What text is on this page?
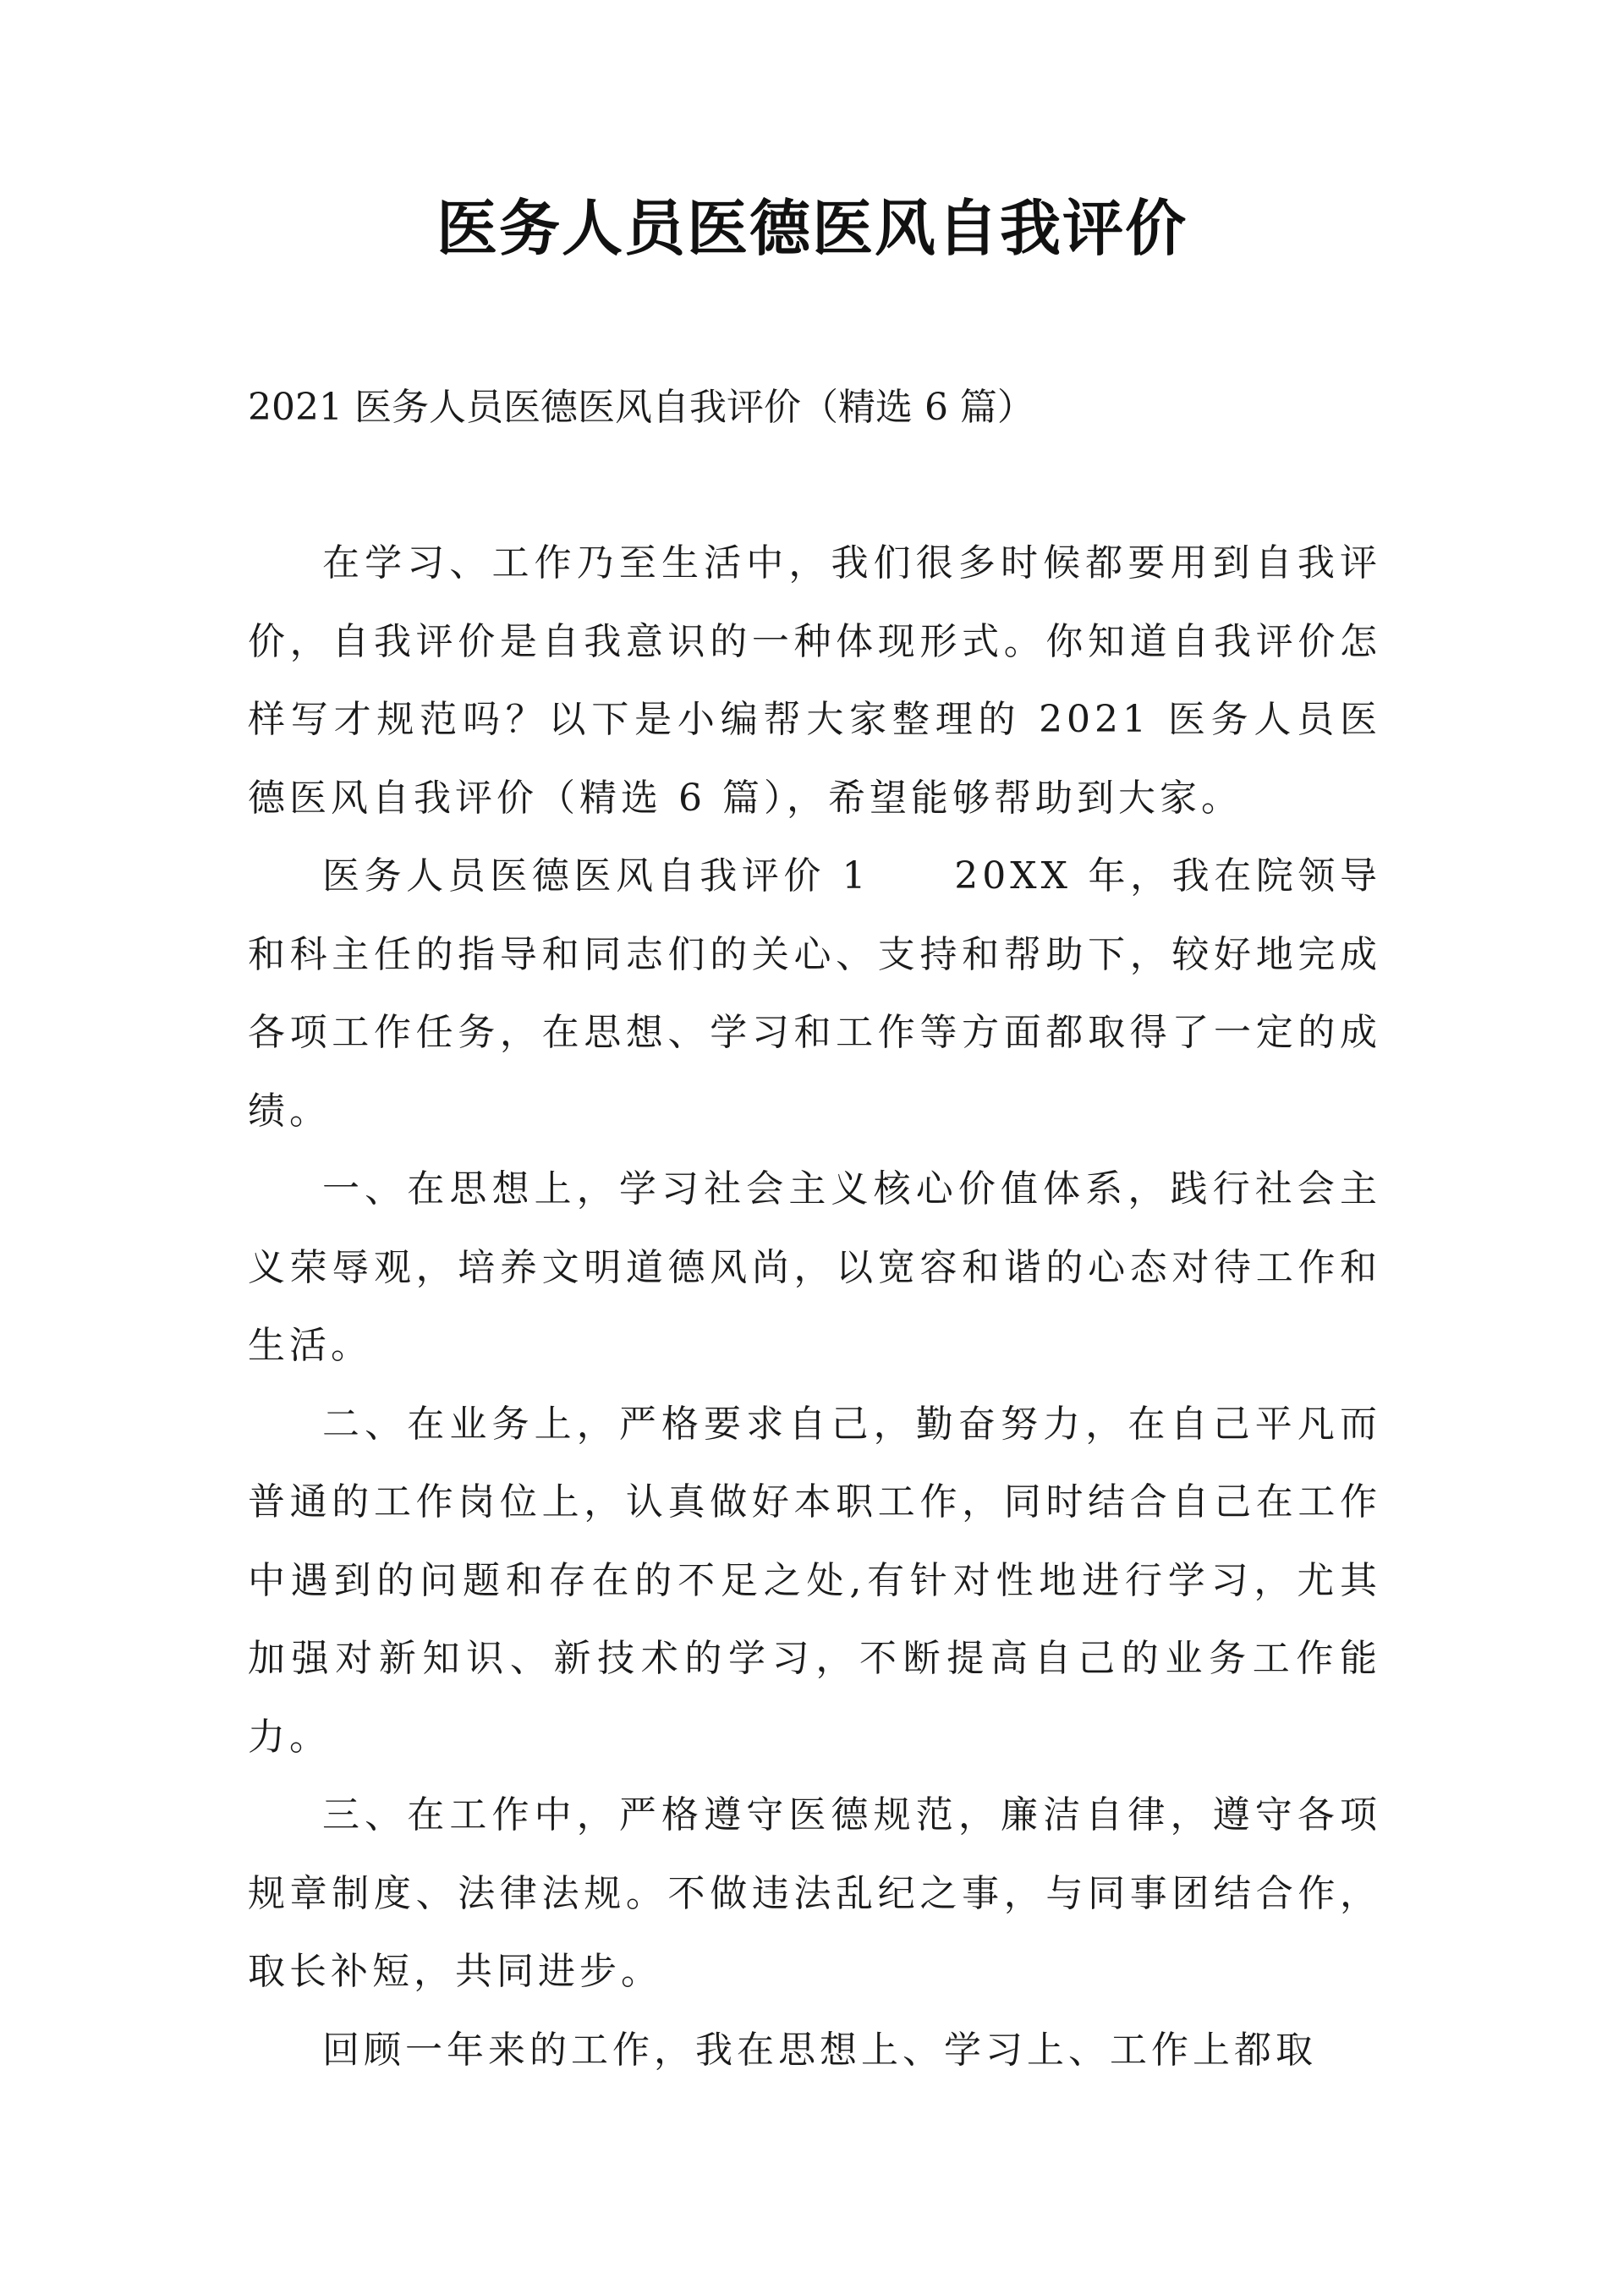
医务人员医德医风自我评价
2021 医务人员医德医风自我评价（精选 6 篇）

在学习、工作乃至生活中，我们很多时候都要用到自我评价，自我评价是自我意识的一种体现形式。你知道自我评价怎样写才规范吗？以下是小编帮大家整理的 2021 医务人员医德医风自我评价（精选 6 篇），希望能够帮助到大家。

医务人员医德医风自我评价 1　　20XX 年，我在院领导和科主任的指导和同志们的关心、支持和帮助下，较好地完成各项工作任务，在思想、学习和工作等方面都取得了一定的成绩。

一、在思想上，学习社会主义核心价值体系，践行社会主义荣辱观，培养文明道德风尚，以宽容和谐的心态对待工作和生活。

二、在业务上，严格要求自己，勤奋努力，在自己平凡而普通的工作岗位上，认真做好本职工作，同时结合自己在工作中遇到的问题和存在的不足之处,有针对性地进行学习，尤其加强对新知识、新技术的学习，不断提高自己的业务工作能力。

三、在工作中，严格遵守医德规范，廉洁自律，遵守各项规章制度、法律法规。不做违法乱纪之事，与同事团结合作，取长补短，共同进步。

回顾一年来的工作，我在思想上、学习上、工作上都取
